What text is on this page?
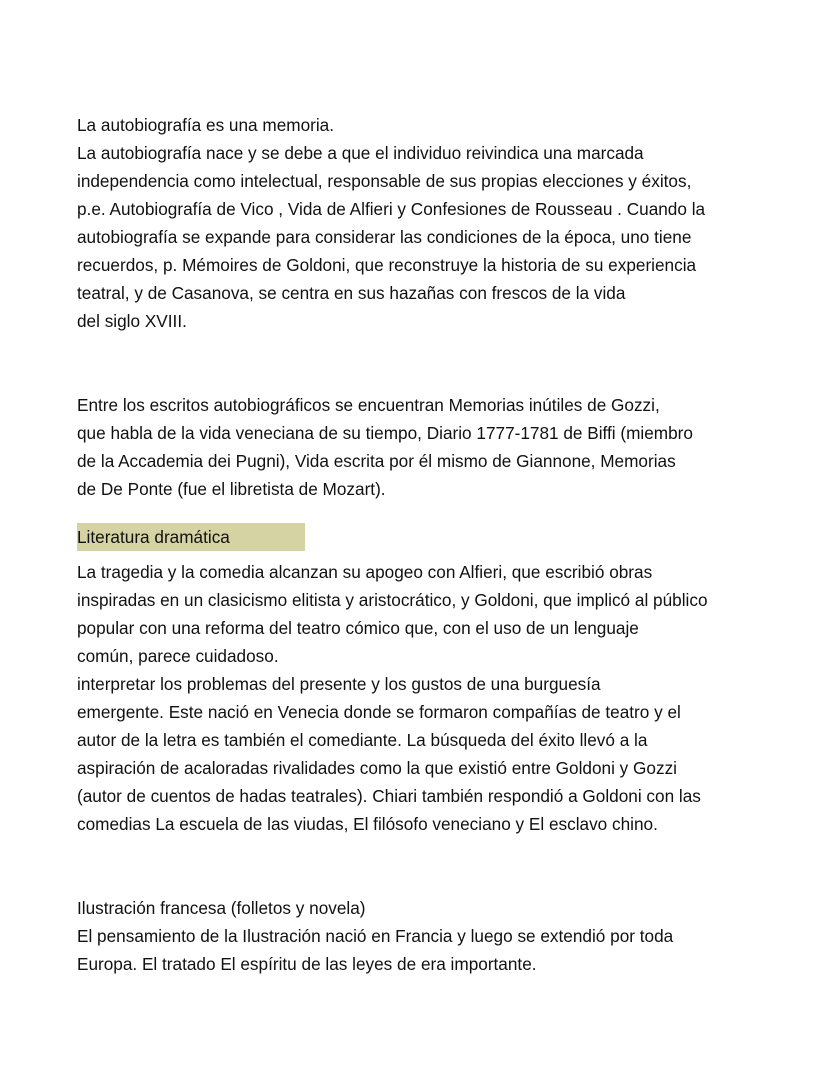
La autobiografía es una memoria.
La autobiografía nace y se debe a que el individuo reivindica una marcada
independencia como intelectual, responsable de sus propias elecciones y éxitos,
p.e. Autobiografía de Vico , Vida de Alfieri y Confesiones de Rousseau . Cuando la
autobiografía se expande para considerar las condiciones de la época, uno tiene
recuerdos, p. Mémoires de Goldoni, que reconstruye la historia de su experiencia
teatral, y de Casanova, se centra en sus hazañas con frescos de la vida
del siglo XVIII.
Entre los escritos autobiográficos se encuentran Memorias inútiles de Gozzi,
que habla de la vida veneciana de su tiempo, Diario 1777-1781 de Biffi (miembro
de la Accademia dei Pugni), Vida escrita por él mismo de Giannone, Memorias
de De Ponte (fue el libretista de Mozart).
Literatura dramática
La tragedia y la comedia alcanzan su apogeo con Alfieri, que escribió obras
inspiradas en un clasicismo elitista y aristocrático, y Goldoni, que implicó al público
popular con una reforma del teatro cómico que, con el uso de un lenguaje
común, parece cuidadoso.
interpretar los problemas del presente y los gustos de una burguesía
emergente. Este nació en Venecia donde se formaron compañías de teatro y el
autor de la letra es también el comediante. La búsqueda del éxito llevó a la
aspiración de acaloradas rivalidades como la que existió entre Goldoni y Gozzi
(autor de cuentos de hadas teatrales). Chiari también respondió a Goldoni con las
comedias La escuela de las viudas, El filósofo veneciano y El esclavo chino.
Ilustración francesa (folletos y novela)
El pensamiento de la Ilustración nació en Francia y luego se extendió por toda
Europa. El tratado El espíritu de las leyes de era importante.
